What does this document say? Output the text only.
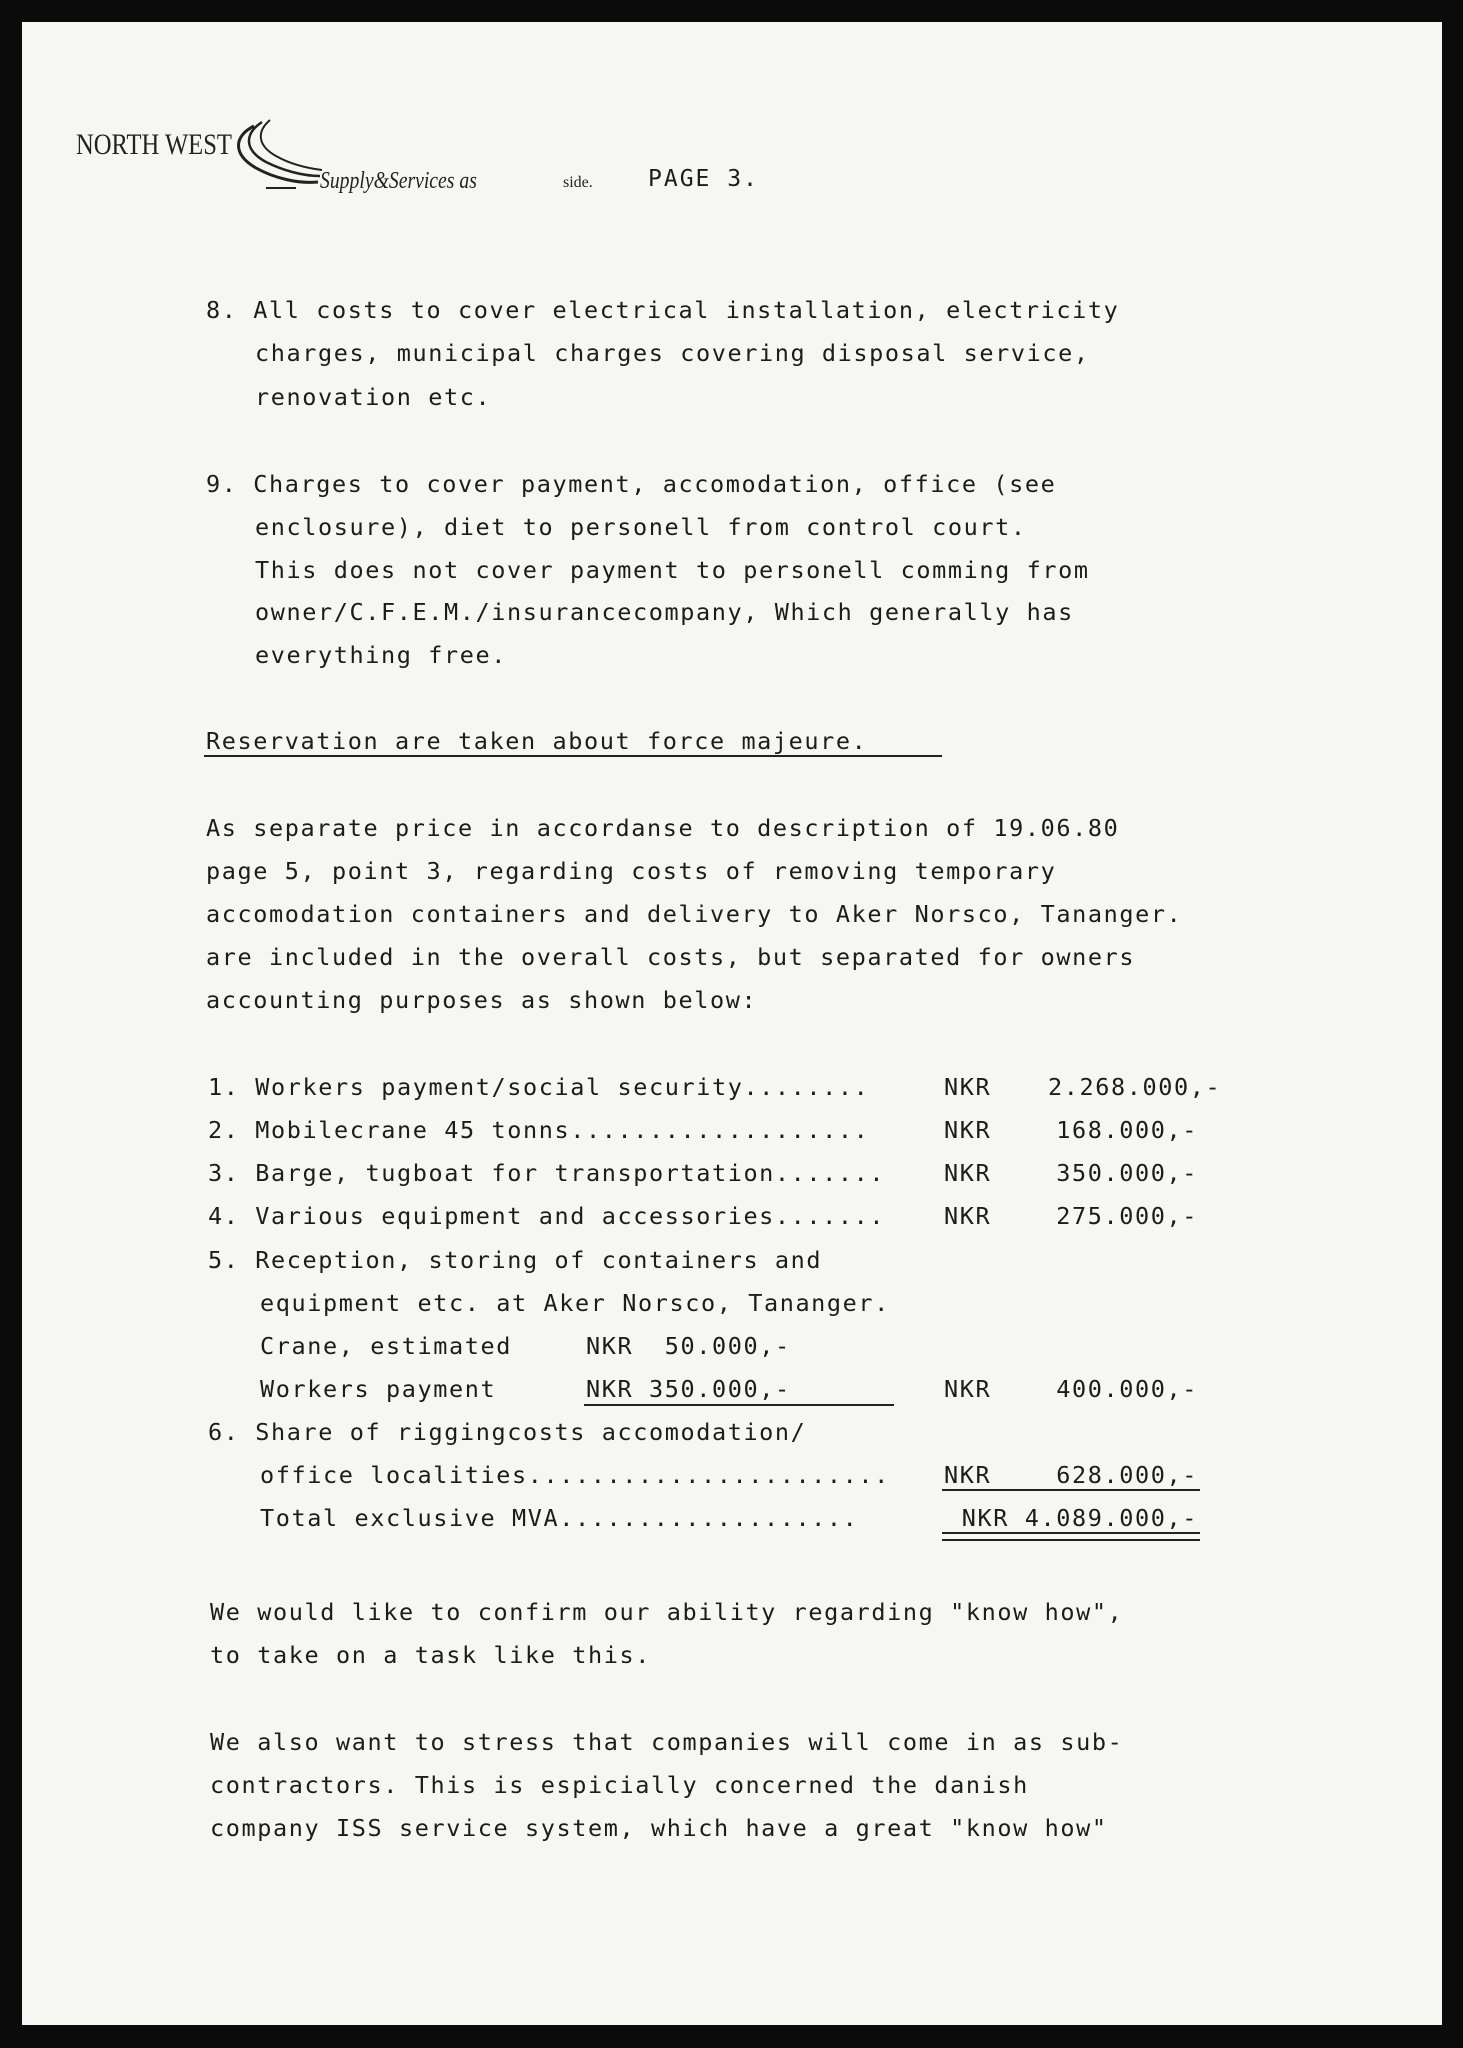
NORTH WEST
Supply&Services as	side. PAGE 3.
8. All costs to cover electrical installation, electricity
charges, municipal charges covering disposal service,
renovation etc.
9. Charges to cover payment, accomodation, office (see
enclosure), diet to personell from control court.
This does not cover payment to personell comming from
owner/C.F.E.M./insurancecompany, Which generally has
everything free.
Reservation are taken about force majeure.
As separate price in accordanse to description of 19.06.80
page 5, point 3, regarding costs of removing temporary
accomodation containers and delivery to Aker Norsco, Tananger.
are included in the overall costs, but separated for owners
accounting purposes as shown below:
1. Workers payment/social security........	NKR 2.268.000,-
2. Mobilecrane 45 tonns...................	NKR	168.000,-
3. Barge, tugboat for transportation.......	NKR	350.000,-
4. Various equipment and accessories.......	NKR	275.000,-
5. Reception, storing of containers and
equipment etc. at Aker Norsco, Tananger.
Crane, estimated	NKR  50.000,-
Workers payment	NKR 350.000,-	NKR	400.000,-
6. Share of riggingcosts accomodation/
office localities....................... NKR	628.000,-
Total exclusive MVA...................	NKR 4.089.000,-
We would like to confirm our ability regarding "know how",
to take on a task like this.
We also want to stress that companies will come in as sub-
contractors. This is espicially concerned the danish
company ISS service system, which have a great "know how"
